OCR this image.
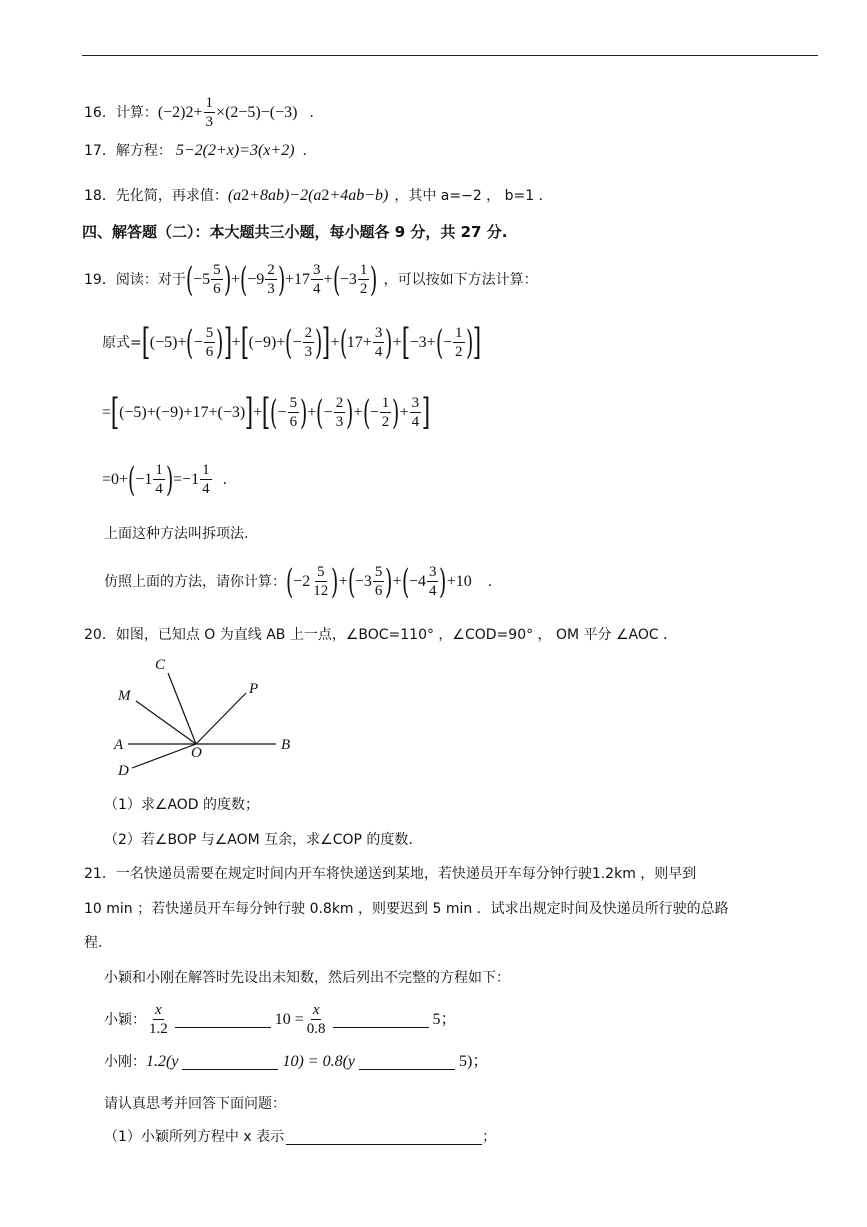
16． 计算： (−2) $2 + \frac{1}{3} \times(2-5)-(-3)$ ．
17． 解方程： 5−2(2+x)=3(x+2) ．
18． 先化简，再求值： (a 2 +8ab)−2(a 2 +4ab−b) ，其中 a=−2 ， b=1 ．
四、解答题（二）：本大题共三小题，每小题各 9 分，共 27 分.
19． 阅读：对于 ( $-5 \frac{5}{6}$ ) + ( $-9 \frac{2}{3}$ ) $+17 \frac{3}{4}$ + ( $-3 \frac{1}{2}$ ) ，可以按如下方法计算：
原式= [ (−5)+ ( − $\frac{5}{6}$ ) ] + [ (−9)+ ( − $\frac{2}{3}$ ) ] + ( $17+ \frac{3}{4}$ ) + [ −3+ ( − $\frac{1}{2}$ ) ]
= [ (−5)+(−9)+17+(−3) ] + [ ( − $\frac{5}{6}$ ) + ( − $\frac{2}{3}$ ) + ( − $\frac{1}{2}$ ) + $\frac{3}{4}$ ]
=0+ ( $-1 \frac{1}{4}$ ) $=-1 \frac{1}{4}$ ．
上面这种方法叫拆项法.
仿照上面的方法，请你计算： ( $-2 \frac{5}{12}$ ) + ( $-3 \frac{5}{6}$ ) + ( $-4 \frac{3}{4}$ ) +10 ．
20． 如图，已知点 O 为直线 AB 上一点，∠BOC=110° ，∠COD=90° ， OM 平分 ∠AOC ．
C
M	P
A	O	B
D
（1）求∠AOD 的度数；
（2）若∠BOP 与∠AOM 互余，求∠COP 的度数.
21． 一名快递员需要在规定时间内开车将快递送到某地，若快递员开车每分钟行驶1.2km ，则早到
10 min ；若快递员开车每分钟行驶 0.8km ，则要迟到 5 min ．试求出规定时间及快递员所行驶的总路
程.
小颖和小刚在解答时先设出未知数，然后列出不完整的方程如下：
小颖： $\frac{x}{1.2}$	$10 = \frac{x}{0.8}$	5；
小刚： 1.2(y	10) = 0.8(y	5)；
请认真思考并回答下面问题：
（1）小颖所列方程中 x 表示	；
